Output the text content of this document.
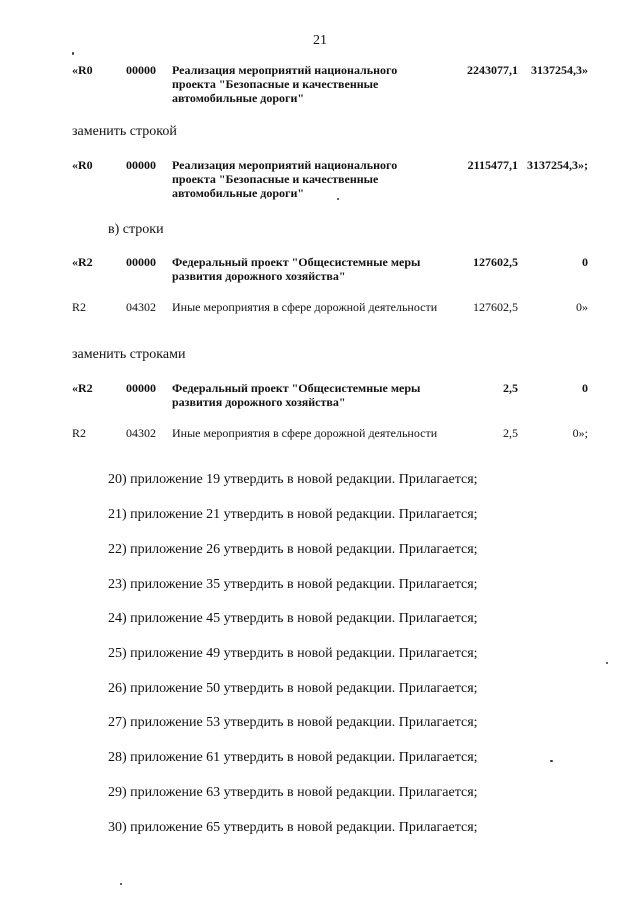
21
«R0	00000 Реализация мероприятий национального проекта "Безопасные и качественные автомобильные дороги"
2243077,1 3137254,3»
заменить строкой
«R0	00000 Реализация мероприятий национального проекта "Безопасные и качественные автомобильные дороги"
2115477,1 3137254,3»;
в) строки
«R2	00000 Федеральный проект "Общесистемные меры развития дорожного хозяйства"
127602,5	0
R2	04302 Иные мероприятия в сфере дорожной деятельности	127602,5	0»
заменить строками
«R2	00000 Федеральный проект "Общесистемные меры развития дорожного хозяйства"
2,5	0
R2	04302 Иные мероприятия в сфере дорожной деятельности	2,5	0»;
20) приложение 19 утвердить в новой редакции. Прилагается;
21) приложение 21 утвердить в новой редакции. Прилагается;
22) приложение 26 утвердить в новой редакции. Прилагается;
23) приложение 35 утвердить в новой редакции. Прилагается;
24) приложение 45 утвердить в новой редакции. Прилагается;
25) приложение 49 утвердить в новой редакции. Прилагается;
26) приложение 50 утвердить в новой редакции. Прилагается;
27) приложение 53 утвердить в новой редакции. Прилагается;
28) приложение 61 утвердить в новой редакции. Прилагается;
29) приложение 63 утвердить в новой редакции. Прилагается;
30) приложение 65 утвердить в новой редакции. Прилагается;
